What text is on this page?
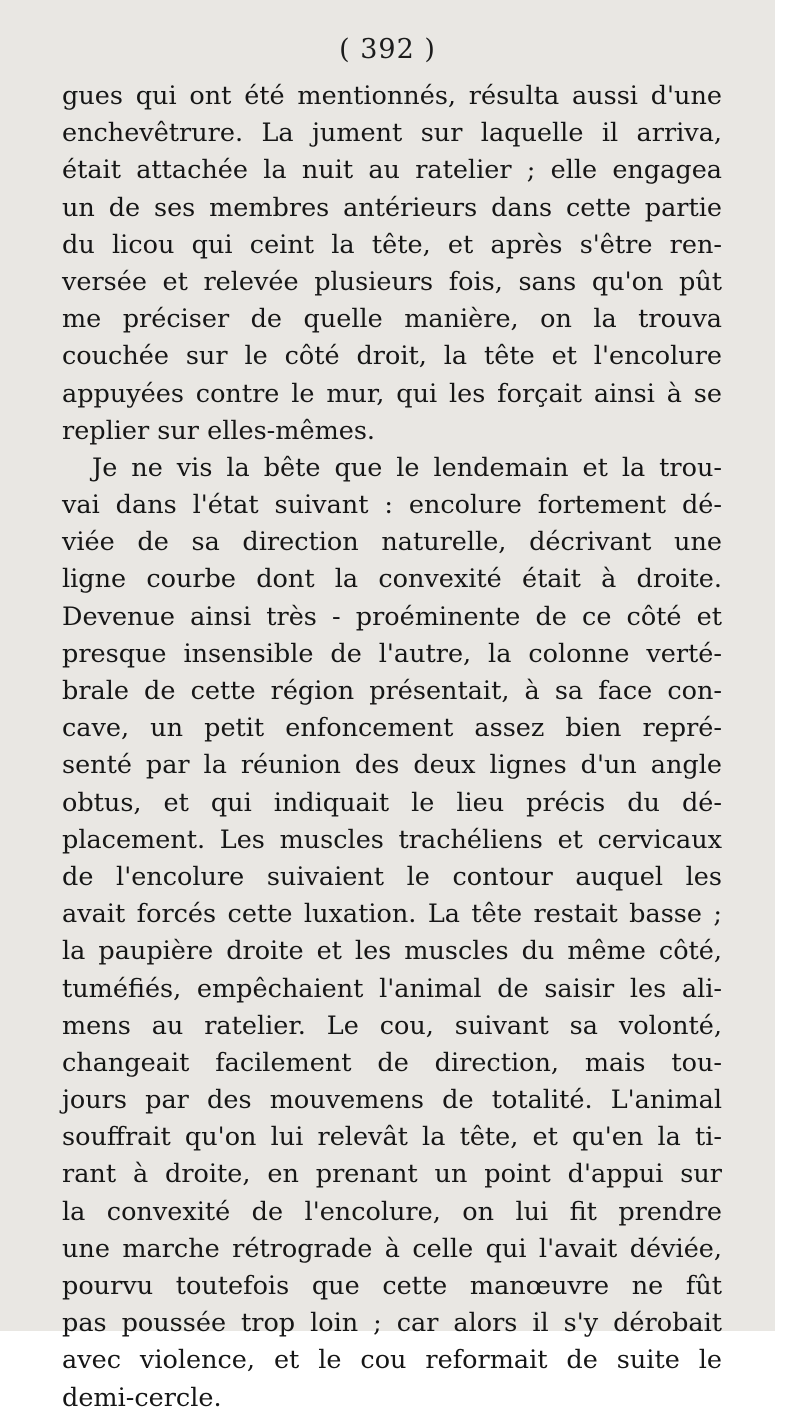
( 392 )
gues qui ont été mentionnés, résulta aussi d'une
enchevêtrure. La jument sur laquelle il arriva,
était attachée la nuit au ratelier ; elle engagea
un de ses membres antérieurs dans cette partie
du licou qui ceint la tête, et après s'être ren-
versée et relevée plusieurs fois, sans qu'on pût
me préciser de quelle manière, on la trouva
couchée sur le côté droit, la tête et l'encolure
appuyées contre le mur, qui les forçait ainsi à se
replier sur elles-mêmes.
Je ne vis la bête que le lendemain et la trou-
vai dans l'état suivant : encolure fortement dé-
viée de sa direction naturelle, décrivant une
ligne courbe dont la convexité était à droite.
Devenue ainsi très - proéminente de ce côté et
presque insensible de l'autre, la colonne verté-
brale de cette région présentait, à sa face con-
cave, un petit enfoncement assez bien repré-
senté par la réunion des deux lignes d'un angle
obtus, et qui indiquait le lieu précis du dé-
placement. Les muscles trachéliens et cervicaux
de l'encolure suivaient le contour auquel les
avait forcés cette luxation. La tête restait basse ;
la paupière droite et les muscles du même côté,
tuméfiés, empêchaient l'animal de saisir les ali-
mens au ratelier. Le cou, suivant sa volonté,
changeait facilement de direction, mais tou-
jours par des mouvemens de totalité. L'animal
souffrait qu'on lui relevât la tête, et qu'en la ti-
rant à droite, en prenant un point d'appui sur
la convexité de l'encolure, on lui fit prendre
une marche rétrograde à celle qui l'avait déviée,
pourvu toutefois que cette manœuvre ne fût
pas poussée trop loin ; car alors il s'y dérobait
avec violence, et le cou reformait de suite le
demi-cercle.
